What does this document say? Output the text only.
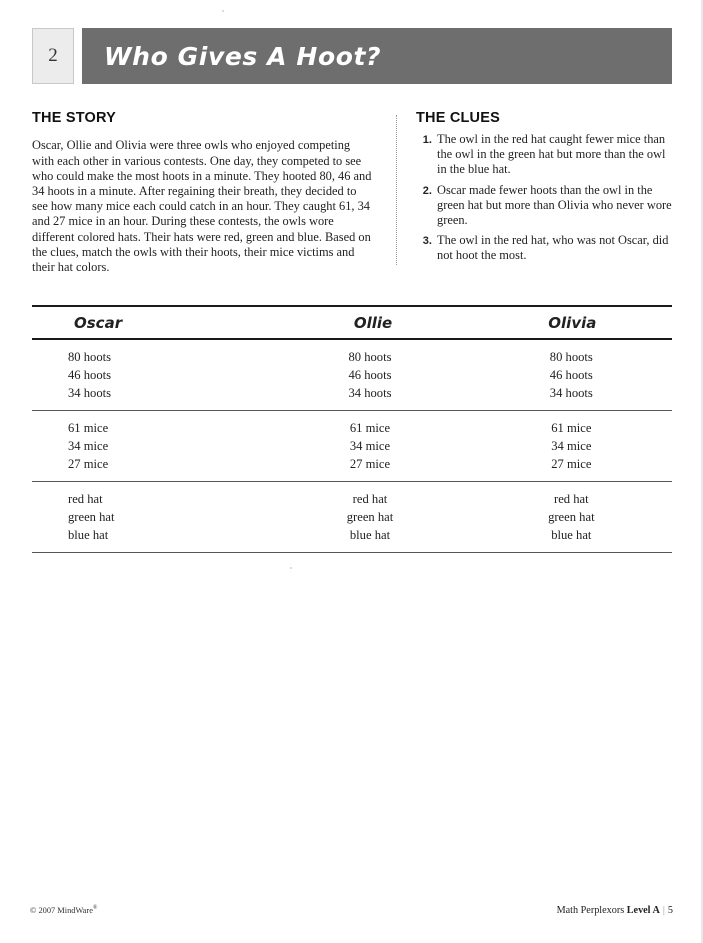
2	Who Gives A Hoot?
THE STORY

Oscar, Ollie and Olivia were three owls who enjoyed competing with each other in various contests. One day, they competed to see who could make the most hoots in a minute. They hooted 80, 46 and 34 hoots in a minute. After regaining their breath, they decided to see how many mice each could catch in an hour. They caught 61, 34 and 27 mice in an hour. During these contests, the owls wore different colored hats. Their hats were red, green and blue. Based on the clues, match the owls with their hoots, their mice victims and their hat colors.

THE CLUES
1. The owl in the red hat caught fewer mice than the owl in the green hat but more than the owl in the blue hat.
2. Oscar made fewer hoots than the owl in the green hat but more than Olivia who never wore green.
3. The owl in the red hat, who was not Oscar, did not hoot the most.
Oscar	Ollie	Olivia
80 hoots	80 hoots	80 hoots
46 hoots	46 hoots	46 hoots
34 hoots	34 hoots	34 hoots
61 mice	61 mice	61 mice
34 mice	34 mice	34 mice
27 mice	27 mice	27 mice
red hat	red hat	red hat
green hat	green hat	green hat
blue hat	blue hat	blue hat
© 2007 MindWare®	Math Perplexors Level A | 5
